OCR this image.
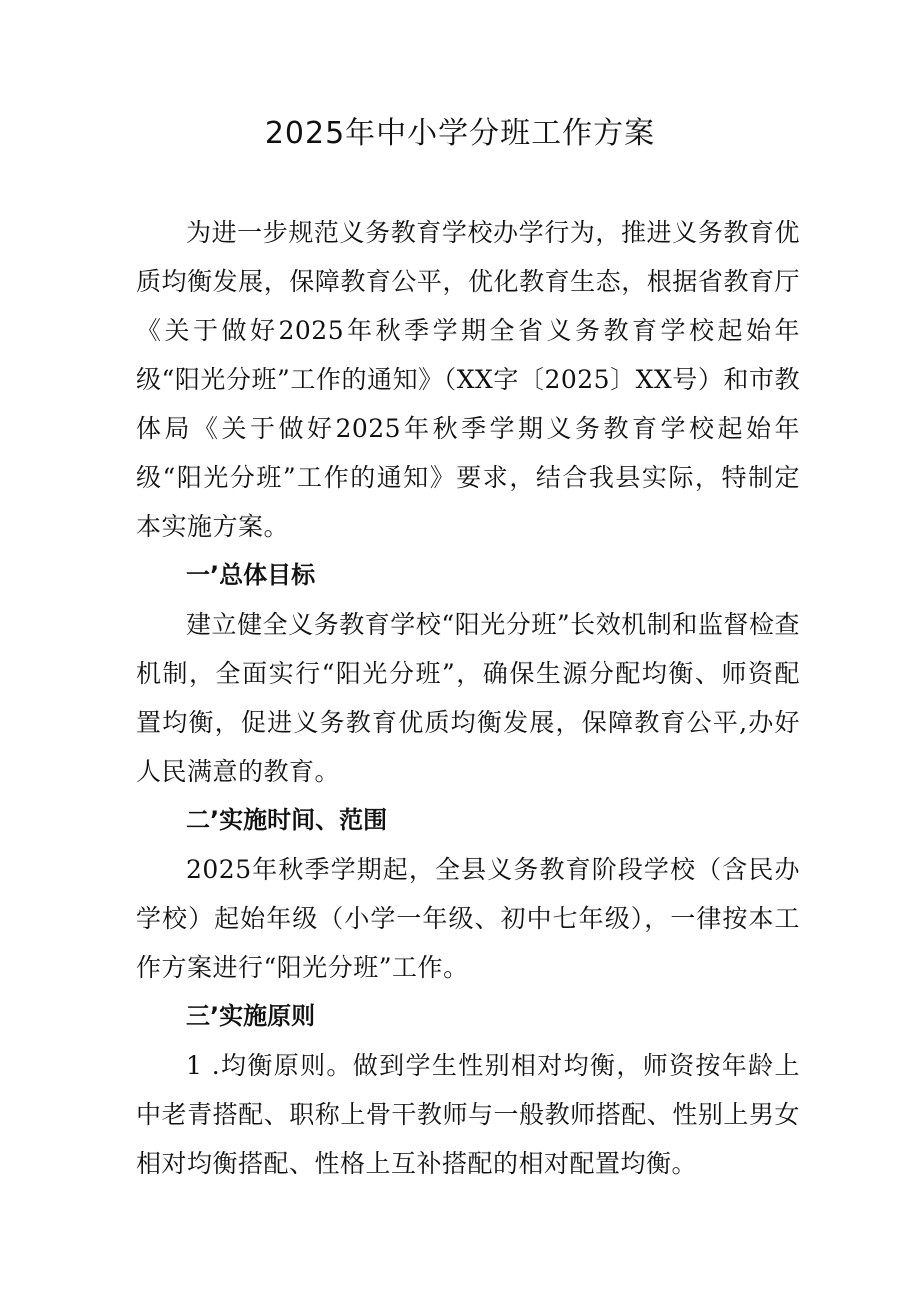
2025年中小学分班工作方案

为进一步规范义务教育学校办学行为，推进义务教育优质均衡发展，保障教育公平，优化教育生态，根据省教育厅《关于做好2025年秋季学期全省义务教育学校起始年级“阳光分班”工作的通知》（XX字〔2025〕XX号）和市教体局《关于做好2025年秋季学期义务教育学校起始年级“阳光分班”工作的通知》要求，结合我县实际，特制定本实施方案。

一’总体目标

建立健全义务教育学校“阳光分班”长效机制和监督检查机制，全面实行“阳光分班”，确保生源分配均衡、师资配置均衡，促进义务教育优质均衡发展，保障教育公平,办好人民满意的教育。

二’实施时间、范围

2025年秋季学期起，全县义务教育阶段学校（含民办学校）起始年级（小学一年级、初中七年级），一律按本工作方案进行“阳光分班”工作。

三’实施原则

1 .均衡原则。做到学生性别相对均衡，师资按年龄上中老青搭配、职称上骨干教师与一般教师搭配、性别上男女相对均衡搭配、性格上互补搭配的相对配置均衡。
